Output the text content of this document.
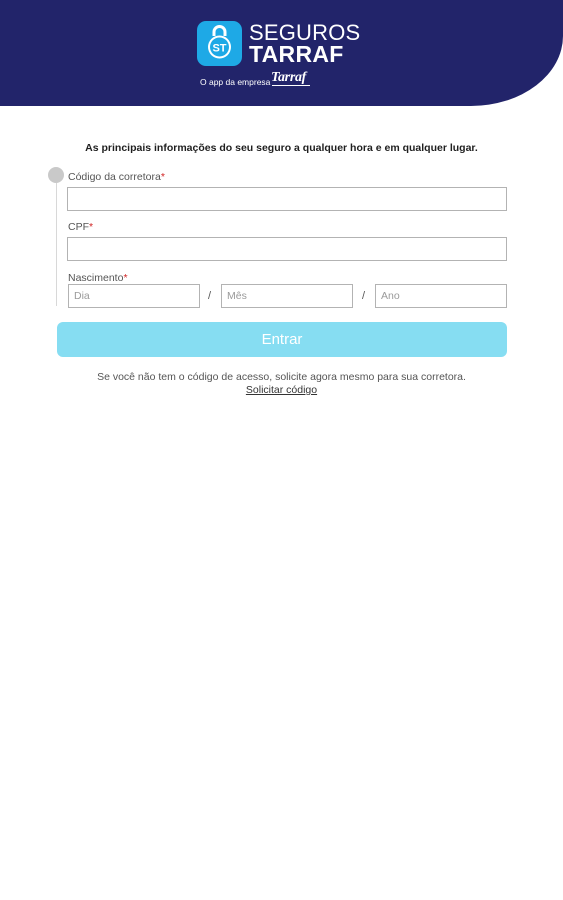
ST
SEGUROS
TARRAF
O app da empresa Tarraf
As principais informações do seu seguro a qualquer hora e em qualquer lugar.
Código da corretora*
CPF*
Nascimento*
Dia
/
Mês	/
Ano
Entrar
Se você não tem o código de acesso, solicite agora mesmo para sua corretora.
Solicitar código
